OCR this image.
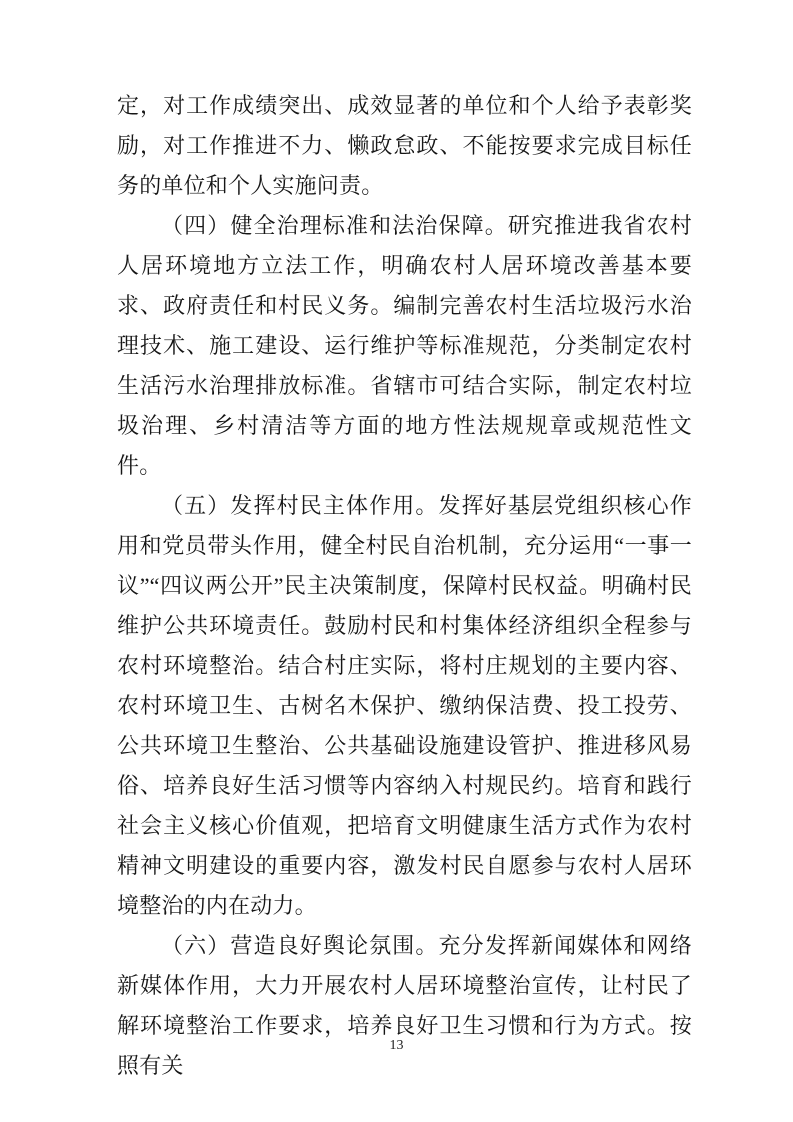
定，对工作成绩突出、成效显著的单位和个人给予表彰奖励，对工作推进不力、懒政怠政、不能按要求完成目标任务的单位和个人实施问责。

（四）健全治理标准和法治保障。研究推进我省农村人居环境地方立法工作，明确农村人居环境改善基本要求、政府责任和村民义务。编制完善农村生活垃圾污水治理技术、施工建设、运行维护等标准规范，分类制定农村生活污水治理排放标准。省辖市可结合实际，制定农村垃圾治理、乡村清洁等方面的地方性法规规章或规范性文件。

（五）发挥村民主体作用。发挥好基层党组织核心作用和党员带头作用，健全村民自治机制，充分运用“一事一议”“四议两公开”民主决策制度，保障村民权益。明确村民维护公共环境责任。鼓励村民和村集体经济组织全程参与农村环境整治。结合村庄实际，将村庄规划的主要内容、农村环境卫生、古树名木保护、缴纳保洁费、投工投劳、公共环境卫生整治、公共基础设施建设管护、推进移风易俗、培养良好生活习惯等内容纳入村规民约。培育和践行社会主义核心价值观，把培育文明健康生活方式作为农村精神文明建设的重要内容，激发村民自愿参与农村人居环境整治的内在动力。

（六）营造良好舆论氛围。充分发挥新闻媒体和网络新媒体作用，大力开展农村人居环境整治宣传，让村民了解环境整治工作要求，培养良好卫生习惯和行为方式。按照有关

13
